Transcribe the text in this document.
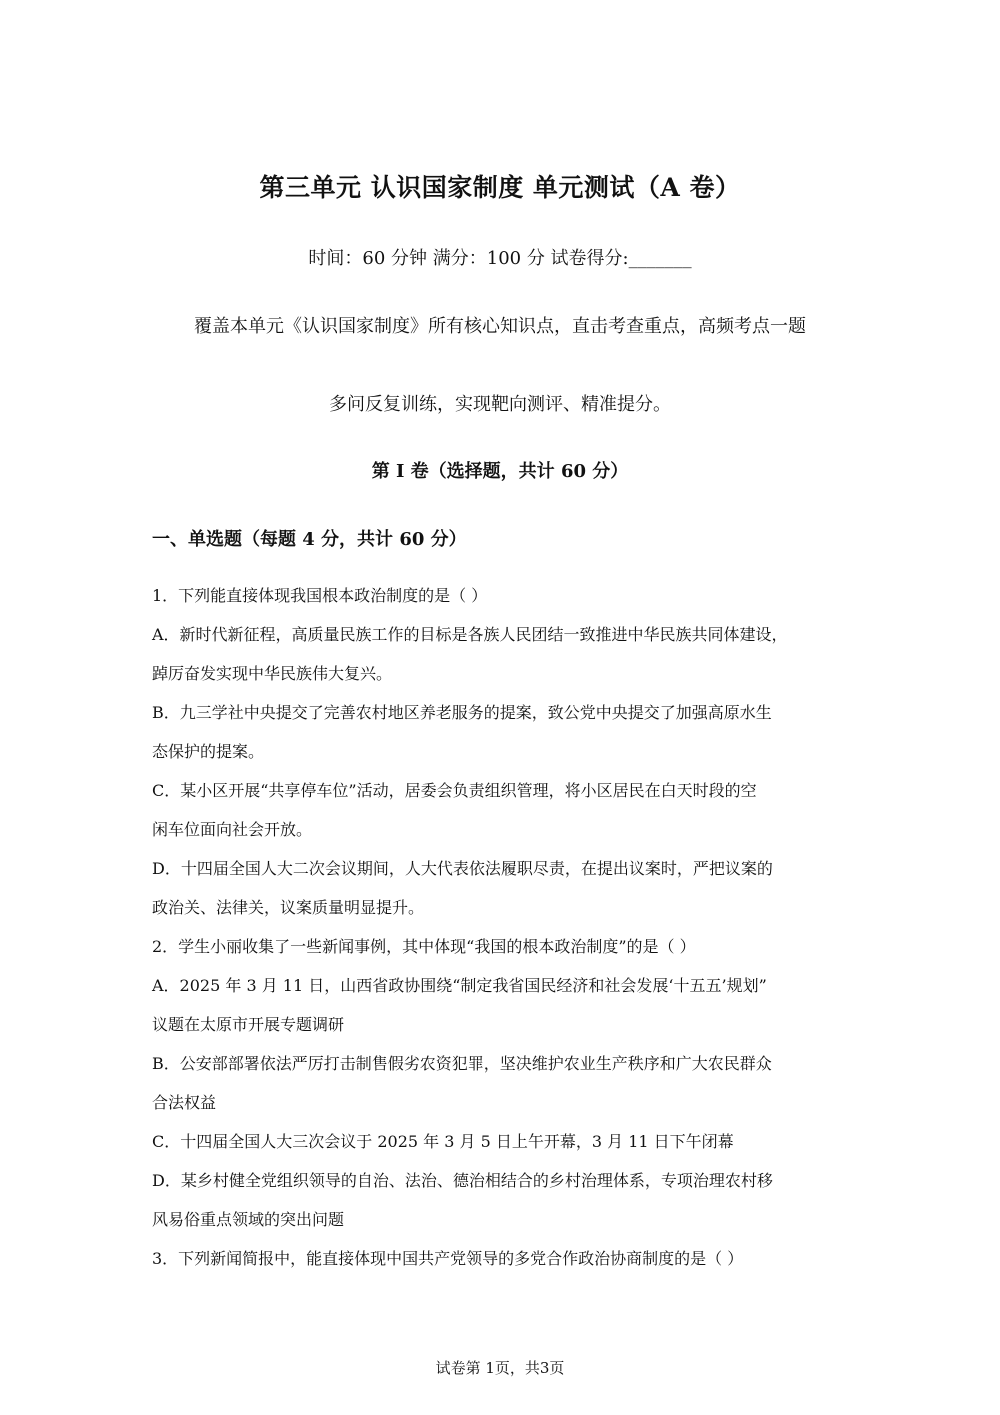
第三单元 认识国家制度 单元测试（A 卷）
时间：60 分钟 满分：100 分 试卷得分:_______
覆盖本单元《认识国家制度》所有核心知识点，直击考查重点，高频考点一题
多问反复训练，实现靶向测评、精准提分。
第 I 卷（选择题，共计 60 分）
一、单选题（每题 4 分，共计 60 分）

1．下列能直接体现我国根本政治制度的是（ ）

A．新时代新征程，高质量民族工作的目标是各族人民团结一致推进中华民族共同体建设，

踔厉奋发实现中华民族伟大复兴。

B．九三学社中央提交了完善农村地区养老服务的提案，致公党中央提交了加强高原水生

态保护的提案。

C．某小区开展“共享停车位”活动，居委会负责组织管理，将小区居民在白天时段的空

闲车位面向社会开放。

D．十四届全国人大二次会议期间，人大代表依法履职尽责，在提出议案时，严把议案的

政治关、法律关，议案质量明显提升。

2．学生小丽收集了一些新闻事例，其中体现“我国的根本政治制度”的是（ ）

A．2025 年 3 月 11 日，山西省政协围绕“制定我省国民经济和社会发展‘十五五’规划”

议题在太原市开展专题调研

B．公安部部署依法严厉打击制售假劣农资犯罪，坚决维护农业生产秩序和广大农民群众

合法权益

C．十四届全国人大三次会议于 2025 年 3 月 5 日上午开幕，3 月 11 日下午闭幕

D．某乡村健全党组织领导的自治、法治、德治相结合的乡村治理体系，专项治理农村移

风易俗重点领域的突出问题

3．下列新闻简报中，能直接体现中国共产党领导的多党合作政治协商制度的是（ ）

试卷第 1页，共3页
